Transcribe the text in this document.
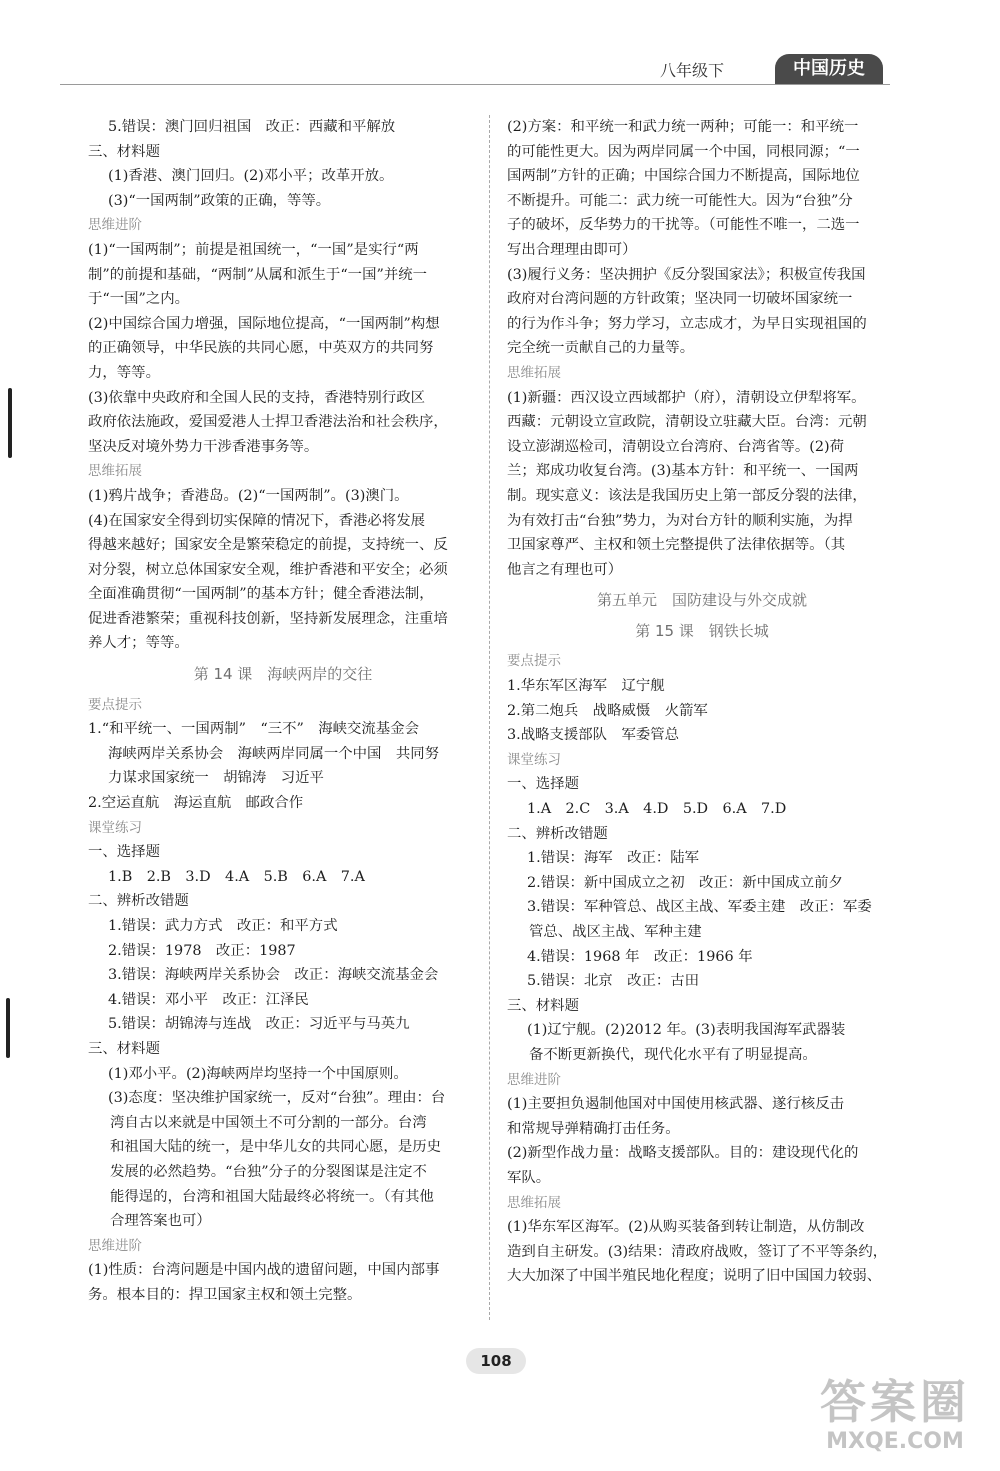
八年级下	中国历史
5.错误：澳门回归祖国　改正：西藏和平解放
三、材料题
(1)香港、澳门回归。(2)邓小平；改革开放。
(3)“一国两制”政策的正确，等等。
思维进阶
(1)“一国两制”；前提是祖国统一，“一国”是实行“两
制”的前提和基础，“两制”从属和派生于“一国”并统一
于“一国”之内。
(2)中国综合国力增强，国际地位提高，“一国两制”构想
的正确领导，中华民族的共同心愿，中英双方的共同努
力，等等。
(3)依靠中央政府和全国人民的支持，香港特别行政区
政府依法施政，爱国爱港人士捍卫香港法治和社会秩序，
坚决反对境外势力干涉香港事务等。
思维拓展
(1)鸦片战争；香港岛。(2)“一国两制”。(3)澳门。
(4)在国家安全得到切实保障的情况下，香港必将发展
得越来越好；国家安全是繁荣稳定的前提，支持统一、反
对分裂，树立总体国家安全观，维护香港和平安全；必须
全面准确贯彻“一国两制”的基本方针；健全香港法制，
促进香港繁荣；重视科技创新，坚持新发展理念，注重培
养人才；等等。
第 14 课　海峡两岸的交往
要点提示
1.“和平统一、一国两制”　“三不”　海峡交流基金会
海峡两岸关系协会　海峡两岸同属一个中国　共同努
力谋求国家统一　胡锦涛　习近平
2.空运直航　海运直航　邮政合作
课堂练习
一、选择题
1.B　2.B　3.D　4.A　5.B　6.A　7.A
二、辨析改错题
1.错误：武力方式　改正：和平方式
2.错误：1978　改正：1987
3.错误：海峡两岸关系协会　改正：海峡交流基金会
4.错误：邓小平　改正：江泽民
5.错误：胡锦涛与连战　改正：习近平与马英九
三、材料题
(1)邓小平。(2)海峡两岸均坚持一个中国原则。
(3)态度：坚决维护国家统一，反对“台独”。理由：台
湾自古以来就是中国领土不可分割的一部分。台湾
和祖国大陆的统一，是中华儿女的共同心愿，是历史
发展的必然趋势。“台独”分子的分裂图谋是注定不
能得逞的，台湾和祖国大陆最终必将统一。（有其他
合理答案也可）
思维进阶
(1)性质：台湾问题是中国内战的遗留问题，中国内部事
务。根本目的：捍卫国家主权和领土完整。
(2)方案：和平统一和武力统一两种；可能一：和平统一
的可能性更大。因为两岸同属一个中国，同根同源；“一
国两制”方针的正确；中国综合国力不断提高，国际地位
不断提升。可能二：武力统一可能性大。因为“台独”分
子的破坏，反华势力的干扰等。（可能性不唯一，二选一
写出合理理由即可）
(3)履行义务：坚决拥护《反分裂国家法》；积极宣传我国
政府对台湾问题的方针政策；坚决同一切破坏国家统一
的行为作斗争；努力学习，立志成才，为早日实现祖国的
完全统一贡献自己的力量等。
思维拓展
(1)新疆：西汉设立西域都护（府），清朝设立伊犁将军。
西藏：元朝设立宣政院，清朝设立驻藏大臣。台湾：元朝
设立澎湖巡检司，清朝设立台湾府、台湾省等。(2)荷
兰；郑成功收复台湾。(3)基本方针：和平统一、一国两
制。现实意义：该法是我国历史上第一部反分裂的法律，
为有效打击“台独”势力，为对台方针的顺利实施，为捍
卫国家尊严、主权和领土完整提供了法律依据等。（其
他言之有理也可）
第五单元　国防建设与外交成就
第 15 课　钢铁长城
要点提示
1.华东军区海军　辽宁舰
2.第二炮兵　战略威慑　火箭军
3.战略支援部队　军委管总
课堂练习
一、选择题
1.A　2.C　3.A　4.D　5.D　6.A　7.D
二、辨析改错题
1.错误：海军　改正：陆军
2.错误：新中国成立之初　改正：新中国成立前夕
3.错误：军种管总、战区主战、军委主建　改正：军委
管总、战区主战、军种主建
4.错误：1968 年　改正：1966 年
5.错误：北京　改正：古田
三、材料题
(1)辽宁舰。(2)2012 年。(3)表明我国海军武器装
备不断更新换代，现代化水平有了明显提高。
思维进阶
(1)主要担负遏制他国对中国使用核武器、遂行核反击
和常规导弹精确打击任务。
(2)新型作战力量：战略支援部队。目的：建设现代化的
军队。
思维拓展
(1)华东军区海军。(2)从购买装备到转让制造，从仿制改
造到自主研发。(3)结果：清政府战败，签订了不平等条约，
大大加深了中国半殖民地化程度；说明了旧中国国力较弱、
108
答案圈
MXQE.COM
